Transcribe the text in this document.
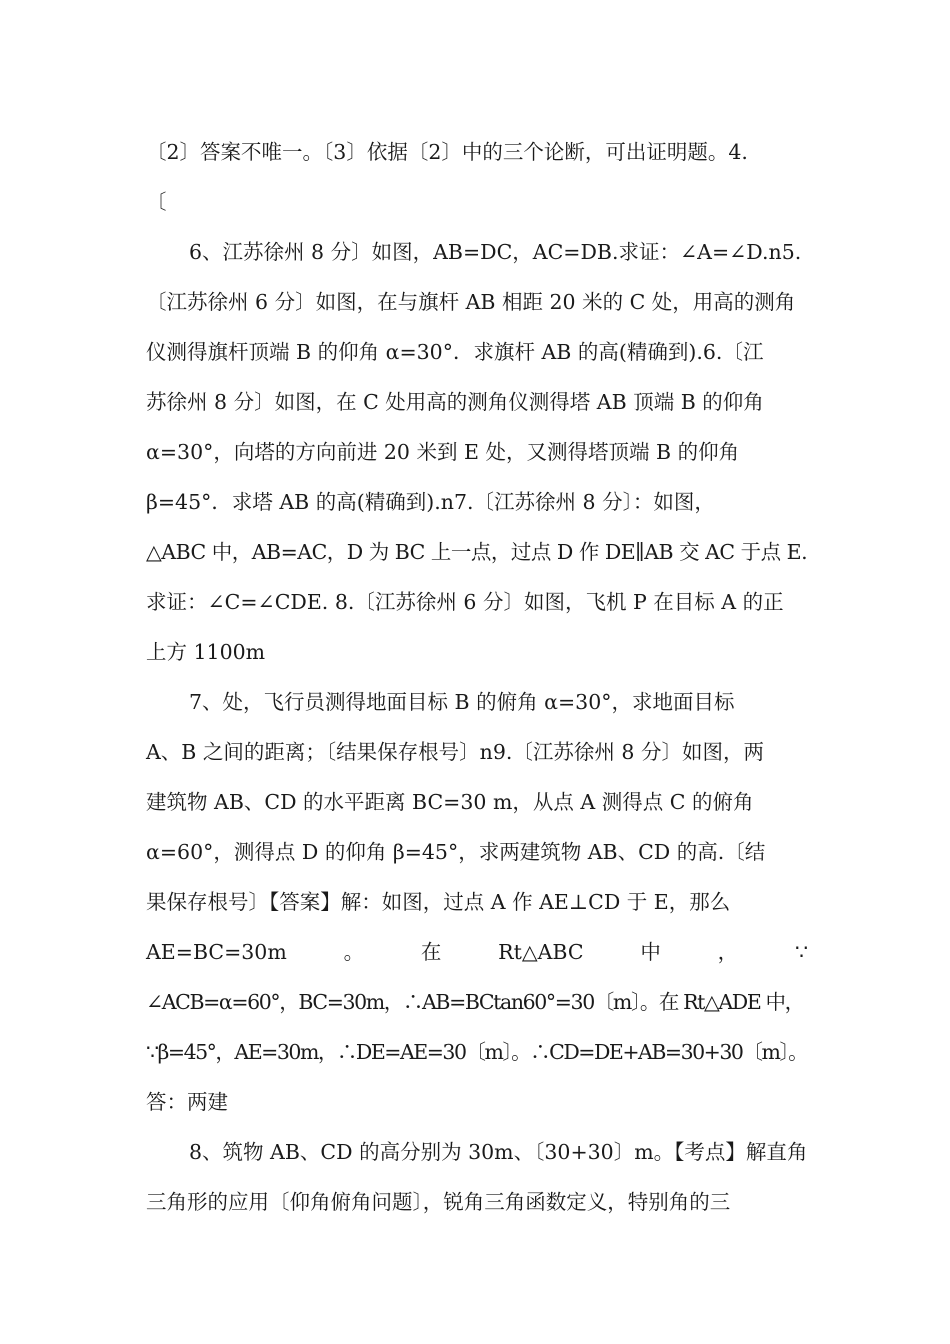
〔2〕答案不唯一。〔3〕依据〔2〕中的三个论断，可出证明题。4.
〔
6、江苏徐州 8 分〕如图，AB=DC，AC=DB.求证：∠A=∠D.n5.
〔江苏徐州 6 分〕如图，在与旗杆 AB 相距 20 米的 C 处，用高的测角
仪测得旗杆顶端 B 的仰角 α=30°．求旗杆 AB 的高(精确到).6.〔江
苏徐州 8 分〕如图，在 C 处用高的测角仪测得塔 AB 顶端 B 的仰角
α=30°，向塔的方向前进 20 米到 E 处，又测得塔顶端 B 的仰角
β=45°．求塔 AB 的高(精确到).n7.〔江苏徐州 8 分〕：如图，
△ABC 中，AB=AC，D 为 BC 上一点，过点 D 作 DE∥AB 交 AC 于点 E.
求证：∠C=∠CDE. 8.〔江苏徐州 6 分〕如图，飞机 P 在目标 A 的正
上方 1100m
7、处，飞行员测得地面目标 B 的俯角 α=30°，求地面目标
A、B 之间的距离；〔结果保存根号〕n9.〔江苏徐州 8 分〕如图，两
建筑物 AB、CD 的水平距离 BC=30 m，从点 A 测得点 C 的俯角
α=60°，测得点 D 的仰角 β=45°，求两建筑物 AB、CD 的高.〔结
果保存根号〕【答案】解：如图，过点 A 作 AE⊥CD 于 E，那么
AE=BC=30m	。	在	Rt△ABC	中	，	∵
∠ACB=α=60°，BC=30m，∴AB=BCtan60°=30〔m〕。在 Rt△ADE 中，
∵β=45°，AE=30m，∴DE=AE=30〔m〕。∴CD=DE+AB=30+30〔m〕。
答：两建
8、筑物 AB、CD 的高分别为 30m、〔30+30〕m。【考点】解直角
三角形的应用〔仰角俯角问题〕，锐角三角函数定义，特别角的三
